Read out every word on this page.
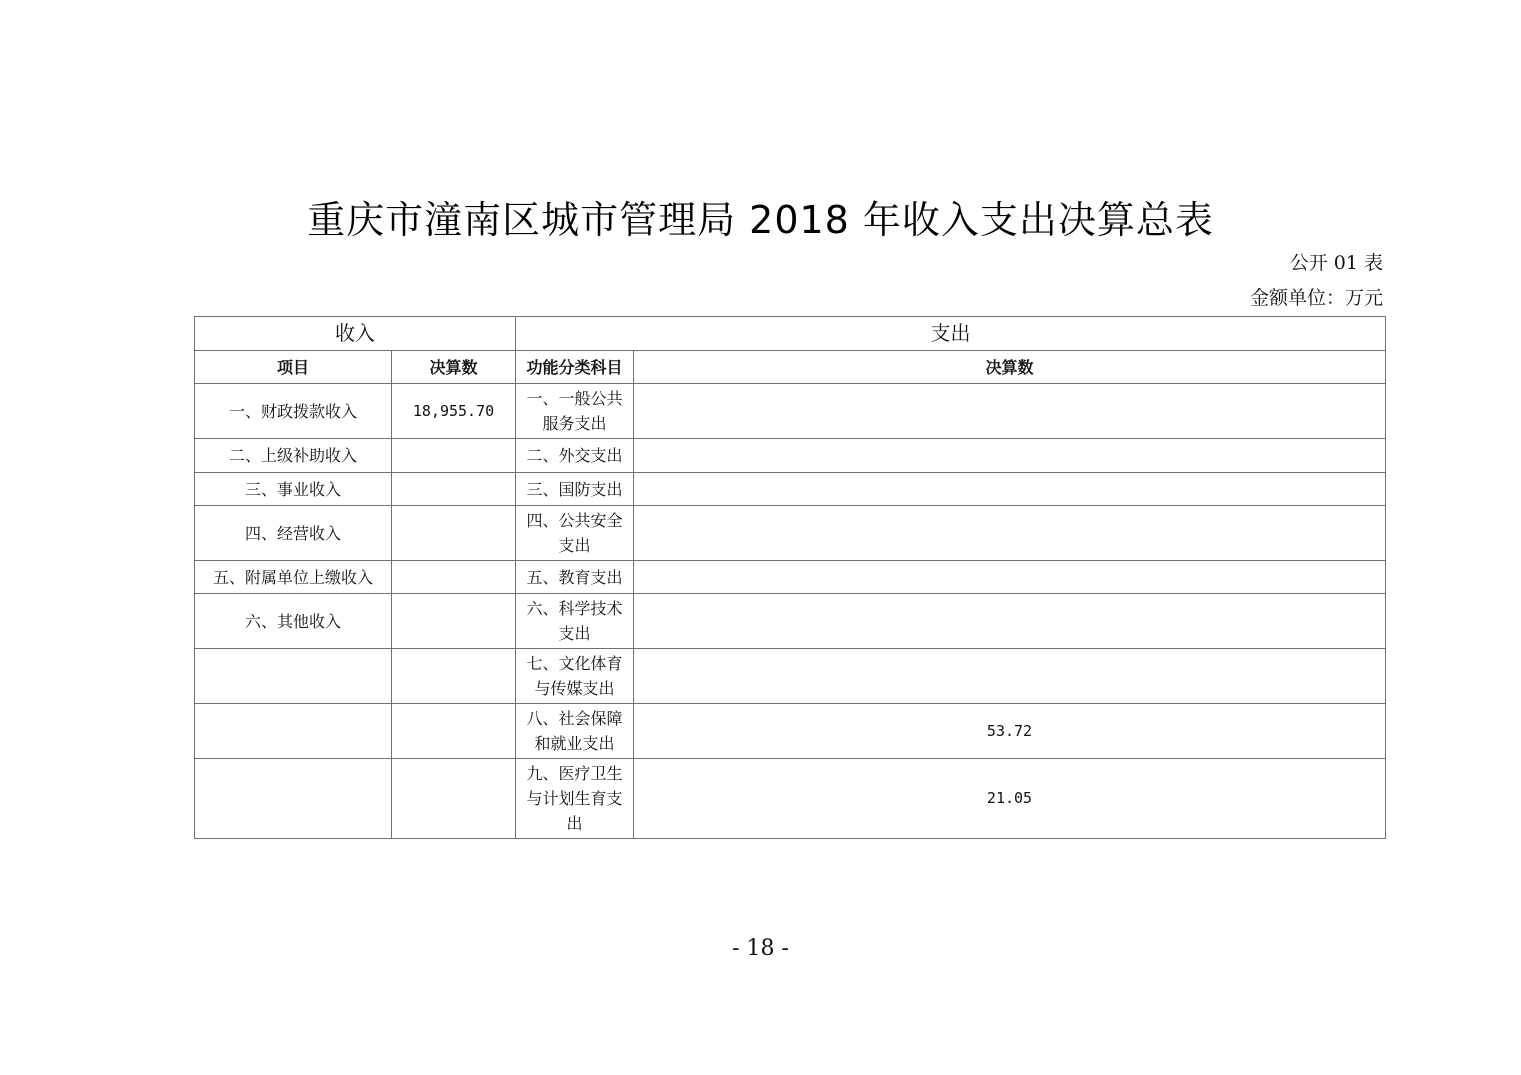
重庆市潼南区城市管理局 2018 年收入支出决算总表
公开 01 表
金额单位：万元
收入		支出	
项目	决算数	功能分类科目	决算数
一、财政拨款收入	18,955.70	一、一般公共服务支出	
二、上级补助收入		二、外交支出	
三、事业收入		三、国防支出	
四、经营收入		四、公共安全支出	
五、附属单位上缴收入		五、教育支出	
六、其他收入		六、科学技术支出	
		七、文化体育与传媒支出	
		八、社会保障和就业支出	53.72
		九、医疗卫生与计划生育支出	21.05
- 18 -
